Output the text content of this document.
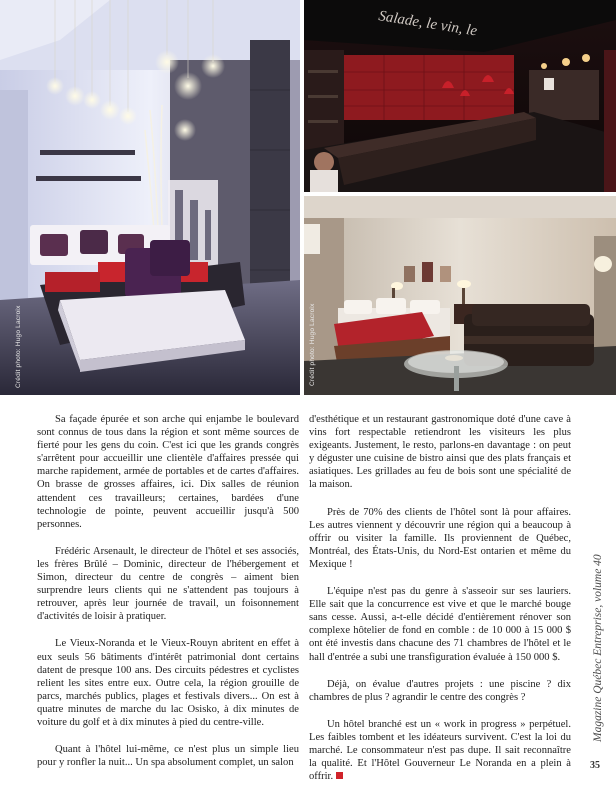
Crédit photo: Hugo Lacroix
Salade, le vin, le
Crédit photo: Hugo Lacroix

Sa façade épurée et son arche qui enjambe le boulevard sont connus de tous dans la région et sont même sources de fierté pour les gens du coin. C'est ici que les grands congrès s'arrêtent pour accueillir une clientèle d'affaires pressée qui marche rapidement, armée de portables et de cartes d'affaires. On brasse de grosses affaires, ici. Dix salles de réunion attendent ces travailleurs; certaines, bardées d'une technologie de pointe, peuvent accueillir jusqu'à 500 personnes.

Frédéric Arsenault, le directeur de l'hôtel et ses associés, les frères Brûlé – Dominic, directeur de l'hébergement et Simon, directeur du centre de congrès – aiment bien surprendre leurs clients qui ne s'attendent pas toujours à retrouver, après leur journée de travail, un foisonnement d'activités de loisir à pratiquer.

Le Vieux-Noranda et le Vieux-Rouyn abritent en effet à eux seuls 56 bâtiments d'intérêt patrimonial dont certains datent de presque 100 ans. Des circuits pédestres et cyclistes relient les sites entre eux. Outre cela, la région grouille de parcs, marchés publics, plages et festivals divers... On est à quatre minutes de marche du lac Osisko, à dix minutes de voiture du golf et à dix minutes à pied du centre-ville.

Quant à l'hôtel lui-même, ce n'est plus un simple lieu pour y ronfler la nuit... Un spa absolument complet, un salon

d'esthétique et un restaurant gastronomique doté d'une cave à vins fort respectable retiendront les visiteurs les plus exigeants. Justement, le resto, parlons-en davantage : on peut y déguster une cuisine de bistro ainsi que des plats français et asiatiques. Les grillades au feu de bois sont une spécialité de la maison.

Près de 70% des clients de l'hôtel sont là pour affaires. Les autres viennent y découvrir une région qui a beaucoup à offrir ou visiter la famille. Ils proviennent de Québec, Montréal, des États-Unis, du Nord-Est ontarien et même du Mexique !

L'équipe n'est pas du genre à s'asseoir sur ses lauriers. Elle sait que la concurrence est vive et que le marché bouge sans cesse. Aussi, a-t-elle décidé d'entièrement rénover son complexe hôtelier de fond en comble : de 10 000 à 15 000 $ ont été investis dans chacune des 71 chambres de l'hôtel et le hall d'entrée a subi une transfiguration évaluée à 150 000 $.

Déjà, on évalue d'autres projets : une piscine ? dix chambres de plus ? agrandir le centre des congrès ?

Un hôtel branché est un « work in progress » perpétuel. Les faibles tombent et les idéateurs survivent. C'est la loi du marché. Le consommateur n'est pas dupe. Il sait reconnaître la qualité. Et l'Hôtel Gouverneur Le Noranda en a plein à offrir.

Magazine Québec Entreprise, volume 40
35
